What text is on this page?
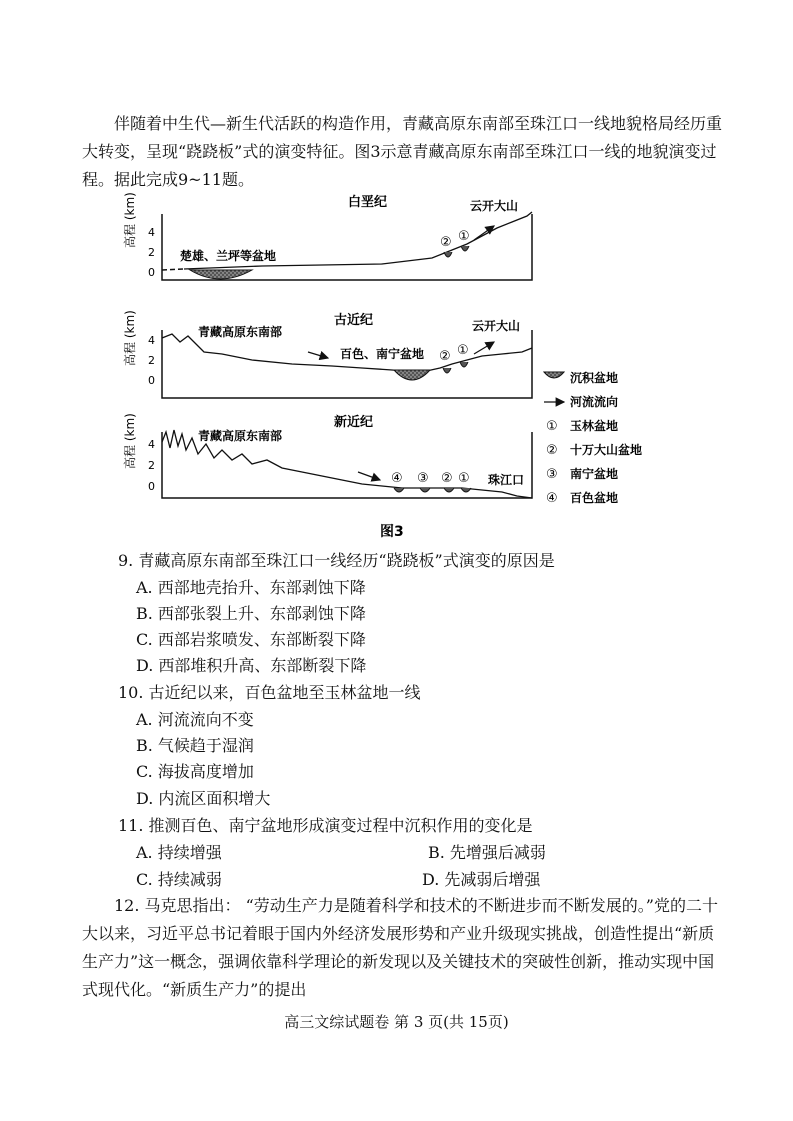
伴随着中生代—新生代活跃的构造作用，青藏高原东南部至珠江口一线地貌格局经历重大转变，呈现“跷跷板”式的演变特征。图3示意青藏高原东南部至珠江口一线的地貌演变过程。据此完成9~11题。

白垩纪
高程 (km) 4
2
0
楚雄、兰坪等盆地
云开大山
② ①
古近纪
高程 (km) 4
2
0
青藏高原东南部
百色、南宁盆地
云开大山
② ①
新近纪
高程 (km) 4
2
0
青藏高原东南部
珠江口
④ ③ ② ①
沉积盆地
河流流向
① 玉林盆地
② 十万大山盆地
③ 南宁盆地
④ 百色盆地
图3
9. 青藏高原东南部至珠江口一线经历“跷跷板”式演变的原因是
A. 西部地壳抬升、东部剥蚀下降
B. 西部张裂上升、东部剥蚀下降
C. 西部岩浆喷发、东部断裂下降
D. 西部堆积升高、东部断裂下降
10. 古近纪以来，百色盆地至玉林盆地一线
A. 河流流向不变
B. 气候趋于湿润
C. 海拔高度增加
D. 内流区面积增大
11. 推测百色、南宁盆地形成演变过程中沉积作用的变化是
A. 持续增强	B. 先增强后减弱
C. 持续减弱	D. 先减弱后增强

12. 马克思指出： “劳动生产力是随着科学和技术的不断进步而不断发展的。”党的二十大以来，习近平总书记着眼于国内外经济发展形势和产业升级现实挑战，创造性提出“新质生产力”这一概念，强调依靠科学理论的新发现以及关键技术的突破性创新，推动实现中国式现代化。“新质生产力”的提出

高三文综试题卷 第 3 页(共 15页)
